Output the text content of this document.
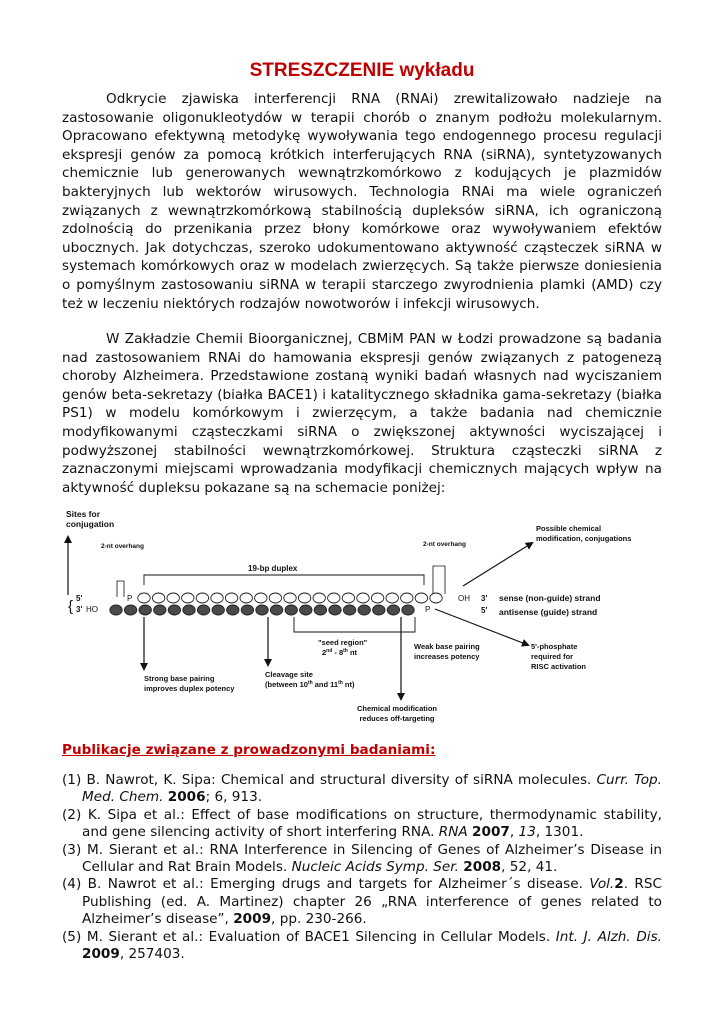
STRESZCZENIE wykładu

Odkrycie zjawiska interferencji RNA (RNAi) zrewitalizowało nadzieje na zastosowanie oligonukleotydów w terapii chorób o znanym podłożu molekularnym. Opracowano efektywną metodykę wywoływania tego endogennego procesu regulacji ekspresji genów za pomocą krótkich interferujących RNA (siRNA), syntetyzowanych chemicznie lub generowanych wewnątrzkomórkowo z kodujących je plazmidów bakteryjnych lub wektorów wirusowych. Technologia RNAi ma wiele ograniczeń związanych z wewnątrzkomórkową stabilnością dupleksów siRNA, ich ograniczoną zdolnością do przenikania przez błony komórkowe oraz wywoływaniem efektów ubocznych. Jak dotychczas, szeroko udokumentowano aktywność cząsteczek siRNA w systemach komórkowych oraz w modelach zwierzęcych. Są także pierwsze doniesienia o pomyślnym zastosowaniu siRNA w terapii starczego zwyrodnienia plamki (AMD) czy też w leczeniu niektórych rodzajów nowotworów i infekcji wirusowych.

W Zakładzie Chemii Bioorganicznej, CBMiM PAN w Łodzi prowadzone są badania nad zastosowaniem RNAi do hamowania ekspresji genów związanych z patogenezą choroby Alzheimera. Przedstawione zostaną wyniki badań własnych nad wyciszaniem genów beta-sekretazy (białka BACE1) i katalitycznego składnika gama-sekretazy (białka PS1) w modelu komórkowym i zwierzęcym, a także badania nad chemicznie modyfikowanymi cząsteczkami siRNA o zwiększonej aktywności wyciszającej i podwyższonej stabilności wewnątrzkomórkowej. Struktura cząsteczki siRNA z zaznaczonymi miejscami wprowadzania modyfikacji chemicznych mających wpływ na aktywność dupleksu pokazane są na schemacie poniżej:

Sites for
conjugation
2-nt overhang	2-nt overhang
19-bp duplex
5'
3'
{ HO
P	OH
P
3'
5'
sense (non-guide) strand
antisense (guide) strand
Possible chemical
modification, conjugations
"seed region"
2nd - 8th nt
Weak base pairing
increases potency
5'-phosphate
required for
RISC activation
Strong base pairing
improves duplex potency
Cleavage site
(between 10th and 11th nt)
Chemical modification
reduces off-targeting

Publikacje związane z prowadzonymi badaniami:

(1) B. Nawrot, K. Sipa: Chemical and structural diversity of siRNA molecules. Curr. Top. Med. Chem. 2006; 6, 913.
(2) K. Sipa et al.: Effect of base modifications on structure, thermodynamic stability, and gene silencing activity of short interfering RNA. RNA 2007, 13, 1301.
(3) M. Sierant et al.: RNA Interference in Silencing of Genes of Alzheimer’s Disease in Cellular and Rat Brain Models. Nucleic Acids Symp. Ser. 2008, 52, 41.
(4) B. Nawrot et al.: Emerging drugs and targets for Alzheimer´s disease. Vol.2. RSC Publishing (ed. A. Martinez) chapter 26 „RNA interference of genes related to Alzheimer’s disease”, 2009, pp. 230-266.
(5) M. Sierant et al.: Evaluation of BACE1 Silencing in Cellular Models. Int. J. Alzh. Dis. 2009, 257403.
